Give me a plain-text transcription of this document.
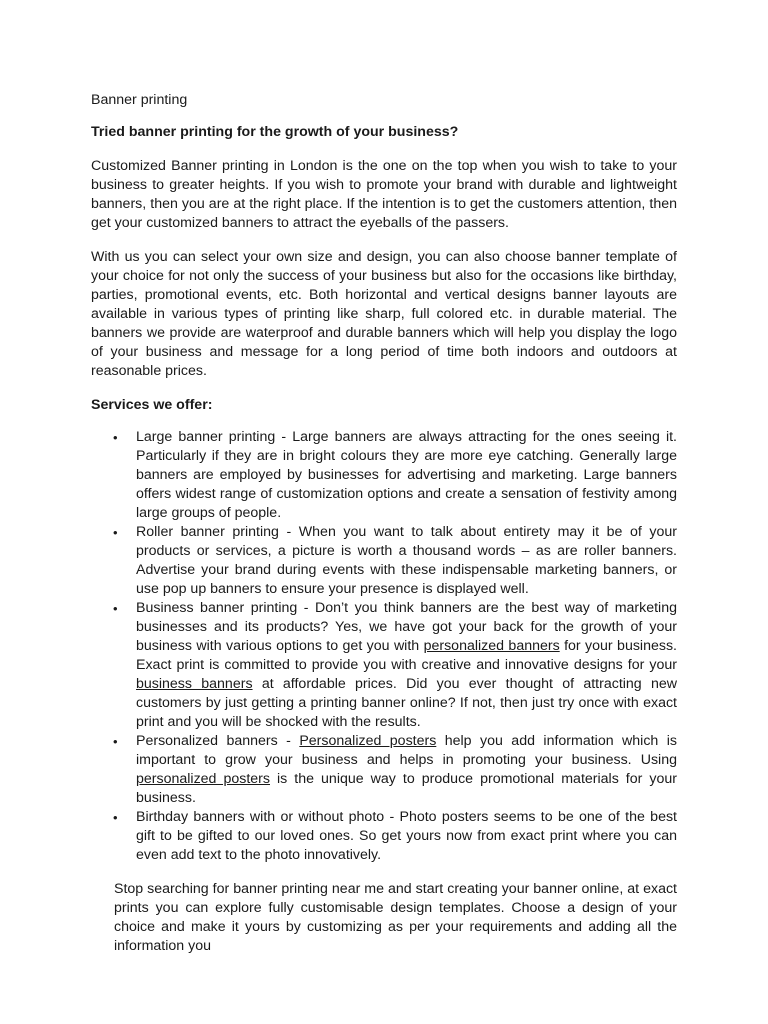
Banner printing

Tried banner printing for the growth of your business?

Customized Banner printing in London is the one on the top when you wish to take to your business to greater heights. If you wish to promote your brand with durable and lightweight banners, then you are at the right place. If the intention is to get the customers attention, then get your customized banners to attract the eyeballs of the passers.

With us you can select your own size and design, you can also choose banner template of your choice for not only the success of your business but also for the occasions like birthday, parties, promotional events, etc. Both horizontal and vertical designs banner layouts are available in various types of printing like sharp, full colored etc. in durable material. The banners we provide are waterproof and durable banners which will help you display the logo of your business and message for a long period of time both indoors and outdoors at reasonable prices.

Services we offer:

• Large banner printing - Large banners are always attracting for the ones seeing it. Particularly if they are in bright colours they are more eye catching. Generally large banners are employed by businesses for advertising and marketing. Large banners offers widest range of customization options and create a sensation of festivity among large groups of people.

• Roller banner printing - When you want to talk about entirety may it be of your products or services, a picture is worth a thousand words – as are roller banners. Advertise your brand during events with these indispensable marketing banners, or use pop up banners to ensure your presence is displayed well.

• Business banner printing - Don’t you think banners are the best way of marketing businesses and its products? Yes, we have got your back for the growth of your business with various options to get you with personalized banners for your business. Exact print is committed to provide you with creative and innovative designs for your business banners at affordable prices. Did you ever thought of attracting new customers by just getting a printing banner online? If not, then just try once with exact print and you will be shocked with the results.

• Personalized banners - Personalized posters help you add information which is important to grow your business and helps in promoting your business. Using personalized posters is the unique way to produce promotional materials for your business.

• Birthday banners with or without photo - Photo posters seems to be one of the best gift to be gifted to our loved ones. So get yours now from exact print where you can even add text to the photo innovatively.

Stop searching for banner printing near me and start creating your banner online, at exact prints you can explore fully customisable design templates. Choose a design of your choice and make it yours by customizing as per your requirements and adding all the information you
